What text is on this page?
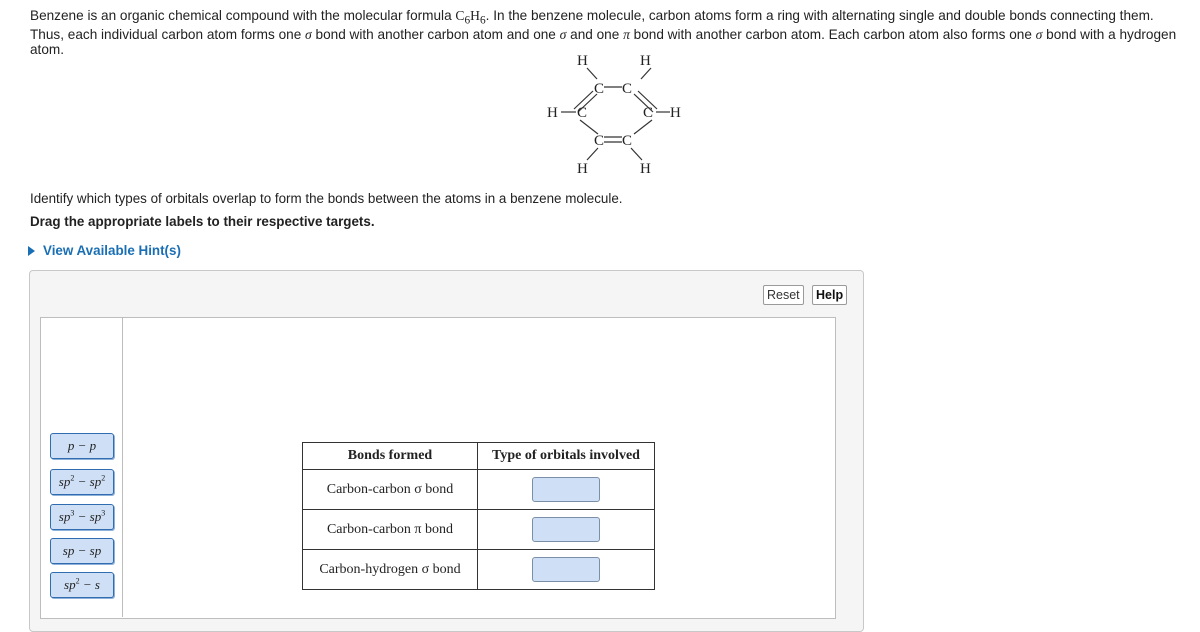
Benzene is an organic chemical compound with the molecular formula $C_6H_6$. In the benzene molecule, carbon atoms form a ring with alternating single and double bonds connecting them. Thus, each individual carbon atom forms one σ bond with another carbon atom and one σ and one π bond with another carbon atom. Each carbon atom also forms one σ bond with a hydrogen atom.
H	H
C C
H C	C H
C C
H	H
Identify which types of orbitals overlap to form the bonds between the atoms in a benzene molecule.
Drag the appropriate labels to their respective targets.
View Available Hint(s)
Reset	Help
p − p
$sp^2 - sp^2$
$sp^3 - sp^3$
sp − sp
$sp^2 - s$
Bonds formed	Type of orbitals involved
Carbon-carbon σ bond	
Carbon-carbon π bond	
Carbon-hydrogen σ bond	
